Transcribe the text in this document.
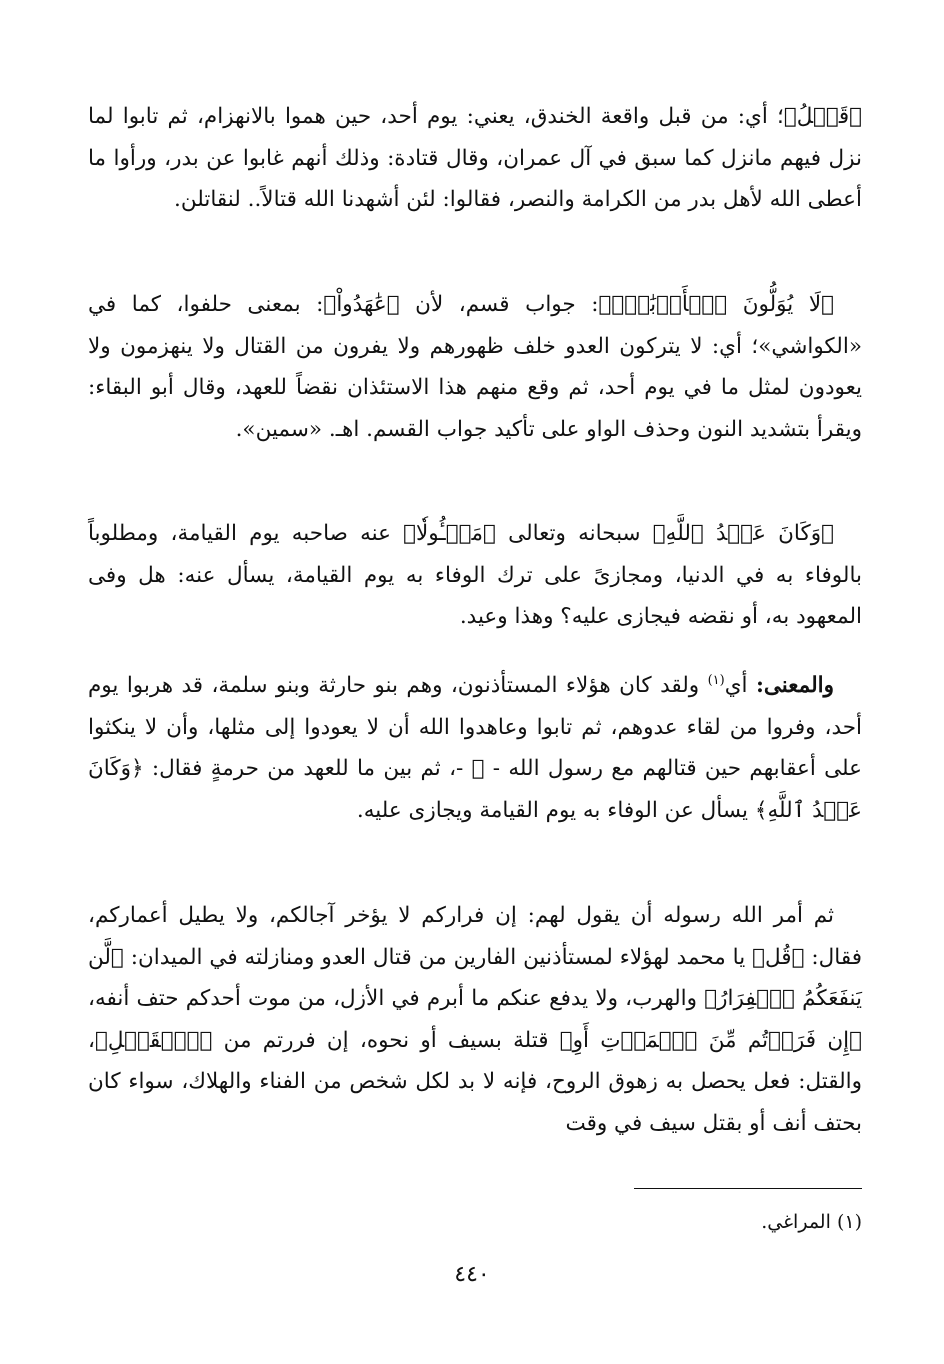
﴿قَبۡلُ﴾؛ أي: من قبل واقعة الخندق، يعني: يوم أحد، حين هموا بالانهزام، ثم تابوا لما نزل فيهم مانزل كما سبق في آل عمران، وقال قتادة: وذلك أنهم غابوا عن بدر، ورأوا ما أعطى الله لأهل بدر من الكرامة والنصر، فقالوا: لئن أشهدنا الله قتالاً.. لنقاتلن.

﴿لَا يُوَلُّونَ ٱلۡأَدۡبَٰرَۚ﴾: جواب قسم، لأن ﴿عَٰهَدُواْ﴾: بمعنى حلفوا، كما في «الكواشي»؛ أي: لا يتركون العدو خلف ظهورهم ولا يفرون من القتال ولا ينهزمون ولا يعودون لمثل ما في يوم أحد، ثم وقع منهم هذا الاستئذان نقضاً للعهد، وقال أبو البقاء: ويقرأ بتشديد النون وحذف الواو على تأكيد جواب القسم. اهـ. «سمين».

﴿وَكَانَ عَهۡدُ ٱللَّهِ﴾ سبحانه وتعالى ﴿مَسۡـُٔولٗا﴾ عنه صاحبه يوم القيامة، ومطلوباً بالوفاء به في الدنيا، ومجازىً على ترك الوفاء به يوم القيامة، يسأل عنه: هل وفى المعهود به، أو نقضه فيجازى عليه؟ وهذا وعيد.

والمعنى: أي$^{(١)}$ ولقد كان هؤلاء المستأذنون، وهم بنو حارثة وبنو سلمة، قد هربوا يوم أحد، وفروا من لقاء عدوهم، ثم تابوا وعاهدوا الله أن لا يعودوا إلى مثلها، وأن لا ينكثوا على أعقابهم حين قتالهم مع رسول الله - ﷺ -، ثم بين ما للعهد من حرمةٍ فقال: ﴿وَكَانَ عَهۡدُ ٱللَّهِ﴾ يسأل عن الوفاء به يوم القيامة ويجازى عليه.

ثم أمر الله رسوله أن يقول لهم: إن فراركم لا يؤخر آجالكم، ولا يطيل أعماركم، فقال: ﴿قُل﴾ يا محمد لهؤلاء لمستأذنين الفارين من قتال العدو ومنازلته في الميدان: ﴿لَّن يَنفَعَكُمُ ٱلۡفِرَارُ﴾ والهرب، ولا يدفع عنكم ما أبرم في الأزل، من موت أحدكم حتف أنفه، ﴿إِن فَرَرۡتُم مِّنَ ٱلۡمَوۡتِ أَوِ﴾ قتلة بسيف أو نحوه، إن فررتم من ﴿ٱلۡقَتۡلِ﴾، والقتل: فعل يحصل به زهوق الروح، فإنه لا بد لكل شخص من الفناء والهلاك، سواء كان بحتف أنف أو بقتل سيف في وقت

(١) المراغي.
٤٤٠
